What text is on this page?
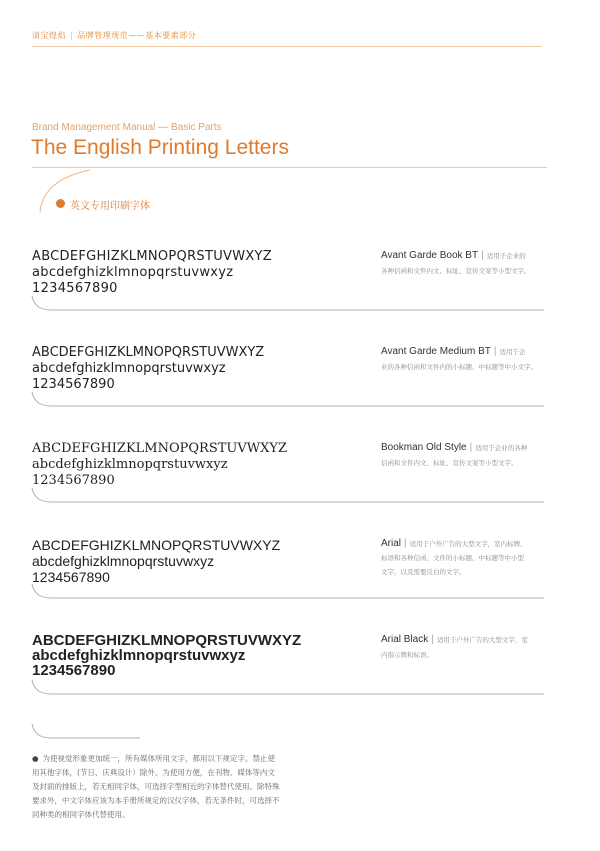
清宝煌焰 | 品牌管理规范——基本要素部分
Brand Management Manual — Basic Parts
The English Printing Letters
英文专用印刷字体
ABCDEFGHIZKLMNOPQRSTUVWXYZ
abcdefghizklmnopqrstuvwxyz
1234567890
Avant Garde Book BT | 适用于企业的
各种信函和文件内文、标址、宣传文案等小型文字。
ABCDEFGHIZKLMNOPQRSTUVWXYZ
abcdefghizklmnopqrstuvwxyz
1234567890
Avant Garde Medium BT | 适用于企
业的各种信函和文件内的小标题、中标题等中小文字。
ABCDEFGHIZKLMNOPQRSTUVWXYZ
abcdefghizklmnopqrstuvwxyz
1234567890
Bookman Old Style | 适用于企业的各种
信函和文件内文、标址、宣传文案等小型文字。
ABCDEFGHIZKLMNOPQRSTUVWXYZ
abcdefghizklmnopqrstuvwxyz
1234567890
Arial | 适用于户外广告的大型文字，室内标牌、
标语和各种信函、文件的小标题、中标题等中小型
文字，以及需要反白的文字。
ABCDEFGHIZKLMNOPQRSTUVWXYZ
abcdefghizklmnopqrstuvwxyz
1234567890
Arial Black | 适用于户外广告的大型文字，室
内指示牌和标语。
● 为使视觉形象更加统一，所有媒体所用文字，都用以下规定字。禁止使用其他字体，(节日、庆典设计）除外。为使用方便，在刊物、媒体等内文及封面的排版上，若无相同字体，可选择字型相近的字体替代使用。除特殊要求外，中文字体应该为本手册所规定的汉仪字体，若无条件时，可选择不同种类的相同字体代替使用。
